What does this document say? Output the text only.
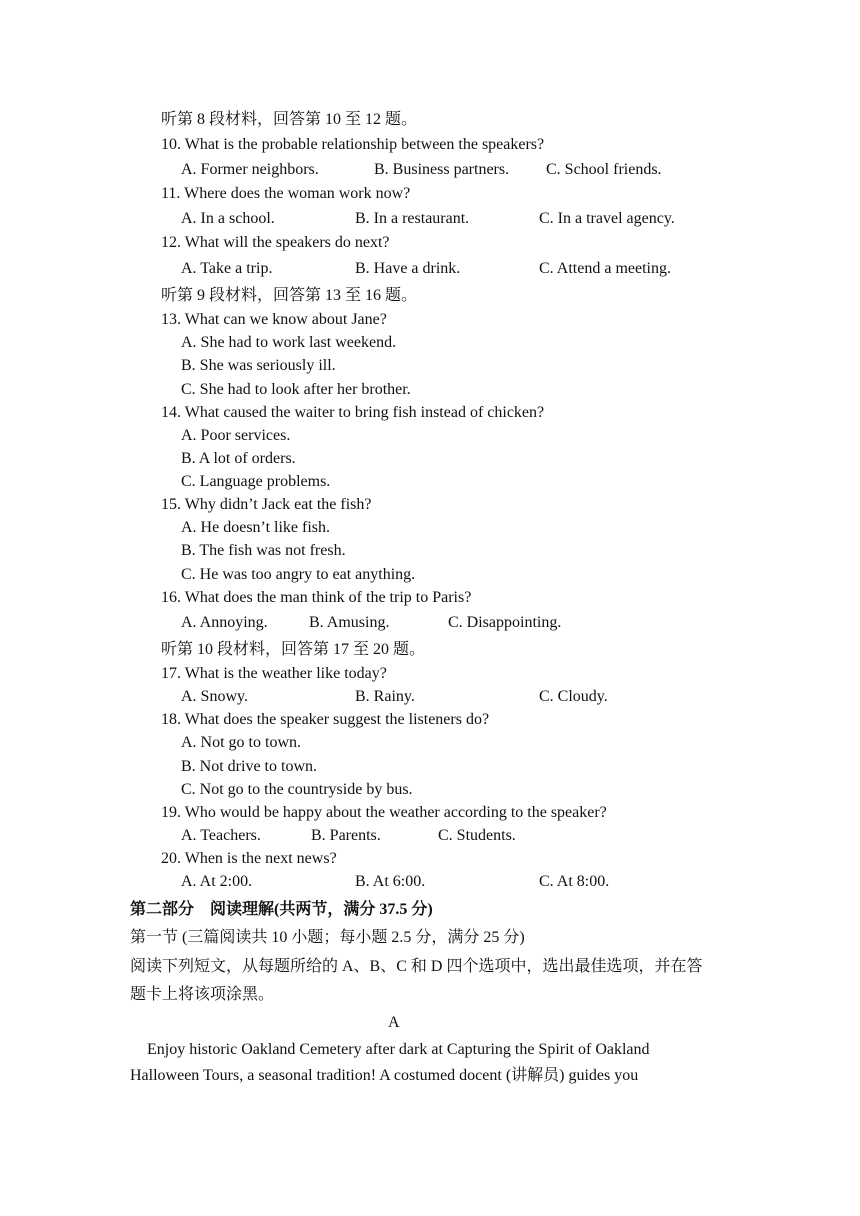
听第 8 段材料，回答第 10 至 12 题。
10. What is the probable relationship between the speakers?
A. Former neighbors.	B. Business partners. C. School friends.
11. Where does the woman work now?
A. In a school.	B. In a restaurant.	C. In a travel agency.
12. What will the speakers do next?
A. Take a trip.	B. Have a drink.	C. Attend a meeting.
听第 9 段材料，回答第 13 至 16 题。
13. What can we know about Jane?
A. She had to work last weekend.
B. She was seriously ill.
C. She had to look after her brother.
14. What caused the waiter to bring fish instead of chicken?
A. Poor services.
B. A lot of orders.
C. Language problems.
15. Why didn’t Jack eat the fish?
A. He doesn’t like fish.
B. The fish was not fresh.
C. He was too angry to eat anything.
16. What does the man think of the trip to Paris?
A. Annoying.	B. Amusing.	C. Disappointing.
听第 10 段材料，回答第 17 至 20 题。
17. What is the weather like today?
A. Snowy.	B. Rainy.	C. Cloudy.
18. What does the speaker suggest the listeners do?
A. Not go to town.
B. Not drive to town.
C. Not go to the countryside by bus.
19. Who would be happy about the weather according to the speaker?
A. Teachers.	B. Parents.	C. Students.
20. When is the next news?
A. At 2:00.	B. At 6:00.	C. At 8:00.
第二部分　阅读理解(共两节，满分 37.5 分)
第一节 (三篇阅读共 10 小题；每小题 2.5 分，满分 25 分)
阅读下列短文，从每题所给的 A、B、C 和 D 四个选项中，选出最佳选项，并在答
题卡上将该项涂黑。
A
Enjoy historic Oakland Cemetery after dark at Capturing the Spirit of Oakland
Halloween Tours, a seasonal tradition! A costumed docent (讲解员) guides you
